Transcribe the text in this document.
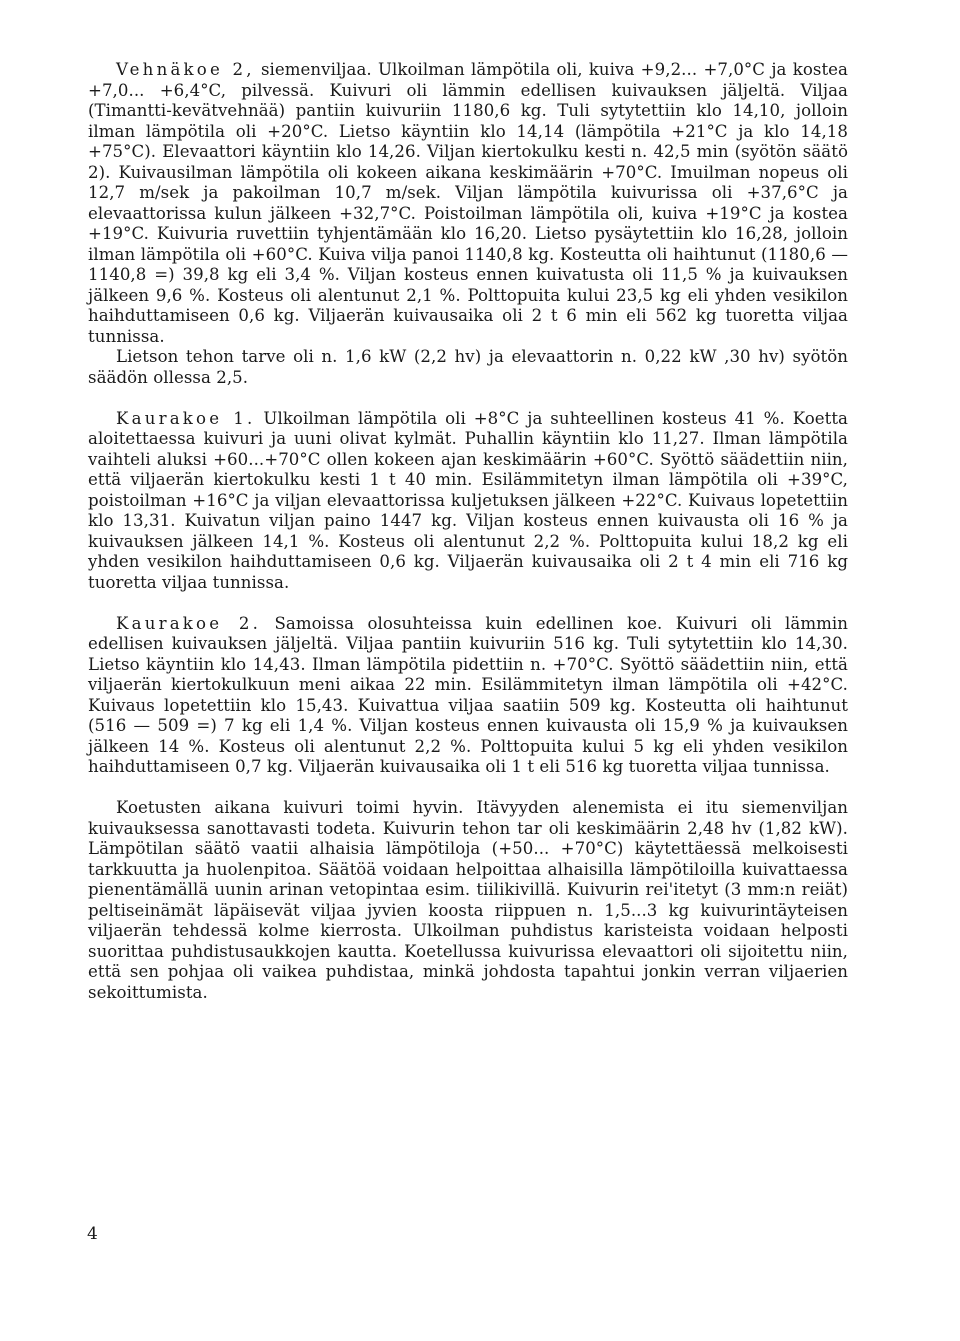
Vehnäkoe 2, siemenviljaa. Ulkoilman lämpötila oli, kuiva +9,2... +7,0°C ja kostea +7,0... +6,4°C, pilvessä. Kuivuri oli lämmin edellisen kuivauksen jäljeltä. Viljaa (Timantti-kevätvehnää) pantiin kuivuriin 1180,6 kg. Tuli sytytettiin klo 14,10, jolloin ilman lämpötila oli +20°C. Lietso käyntiin klo 14,14 (lämpötila +21°C ja klo 14,18 +75°C). Elevaattori käyntiin klo 14,26. Viljan kiertokulku kesti n. 42,5 min (syötön säätö 2). Kuivausilman lämpötila oli kokeen aikana keskimäärin +70°C. Imuilman nopeus oli 12,7 m/sek ja pakoilman 10,7 m/sek. Viljan lämpötila kuivurissa oli +37,6°C ja elevaattorissa kulun jälkeen +32,7°C. Poistoilman lämpötila oli, kuiva +19°C ja kostea +19°C. Kuivuria ruvettiin tyhjentämään klo 16,20. Lietso pysäytettiin klo 16,28, jolloin ilman lämpötila oli +60°C. Kuiva vilja panoi 1140,8 kg. Kosteutta oli haihtunut (1180,6 — 1140,8 =) 39,8 kg eli 3,4 %. Viljan kosteus ennen kuivatusta oli 11,5 % ja kuivauksen jälkeen 9,6 %. Kosteus oli alentunut 2,1 %. Polttopuita kului 23,5 kg eli yhden vesikilon haihduttamiseen 0,6 kg. Viljaerän kuivausaika oli 2 t 6 min eli 562 kg tuoretta viljaa tunnissa.

Lietson tehon tarve oli n. 1,6 kW (2,2 hv) ja elevaattorin n. 0,22 kW ,30 hv) syötön säädön ollessa 2,5.

Kaurakoe 1. Ulkoilman lämpötila oli +8°C ja suhteellinen kosteus 41 %. Koetta aloitettaessa kuivuri ja uuni olivat kylmät. Puhallin käyntiin klo 11,27. Ilman lämpötila vaihteli aluksi +60...+70°C ollen kokeen ajan keskimäärin +60°C. Syöttö säädettiin niin, että viljaerän kiertokulku kesti 1 t 40 min. Esilämmitetyn ilman lämpötila oli +39°C, poistoilman +16°C ja viljan elevaattorissa kuljetuksen jälkeen +22°C. Kuivaus lopetettiin klo 13,31. Kuivatun viljan paino 1447 kg. Viljan kosteus ennen kuivausta oli 16 % ja kuivauksen jälkeen 14,1 %. Kosteus oli alentunut 2,2 %. Polttopuita kului 18,2 kg eli yhden vesikilon haihduttamiseen 0,6 kg. Viljaerän kuivausaika oli 2 t 4 min eli 716 kg tuoretta viljaa tunnissa.

Kaurakoe 2. Samoissa olosuhteissa kuin edellinen koe. Kuivuri oli lämmin edellisen kuivauksen jäljeltä. Viljaa pantiin kuivuriin 516 kg. Tuli sytytettiin klo 14,30. Lietso käyntiin klo 14,43. Ilman lämpötila pidettiin n. +70°C. Syöttö säädettiin niin, että viljaerän kiertokulkuun meni aikaa 22 min. Esilämmitetyn ilman lämpötila oli +42°C. Kuivaus lopetettiin klo 15,43. Kuivattua viljaa saatiin 509 kg. Kosteutta oli haihtunut (516 — 509 =) 7 kg eli 1,4 %. Viljan kosteus ennen kuivausta oli 15,9 % ja kuivauksen jälkeen 14 %. Kosteus oli alentunut 2,2 %. Polttopuita kului 5 kg eli yhden vesikilon haihduttamiseen 0,7 kg. Viljaerän kuivausaika oli 1 t eli 516 kg tuoretta viljaa tunnissa.

Koetusten aikana kuivuri toimi hyvin. Itävyyden alenemista ei itu siemenviljan kuivauksessa sanottavasti todeta. Kuivurin tehon tar oli keskimäärin 2,48 hv (1,82 kW). Lämpötilan säätö vaatii alhaisia lämpötiloja (+50... +70°C) käytettäessä melkoisesti tarkkuutta ja huolenpitoa. Säätöä voidaan helpoittaa alhaisilla lämpötiloilla kuivattaessa pienentämällä uunin arinan vetopintaa esim. tiilikivillä. Kuivurin rei'itetyt (3 mm:n reiät) peltiseinämät läpäisevät viljaa jyvien koosta riippuen n. 1,5...3 kg kuivurintäyteisen viljaerän tehdessä kolme kierrosta. Ulkoilman puhdistus karisteista voidaan helposti suorittaa puhdistusaukkojen kautta. Koetellussa kuivurissa elevaattori oli sijoitettu niin, että sen pohjaa oli vaikea puhdistaa, minkä johdosta tapahtui jonkin verran viljaerien sekoittumista.

4
